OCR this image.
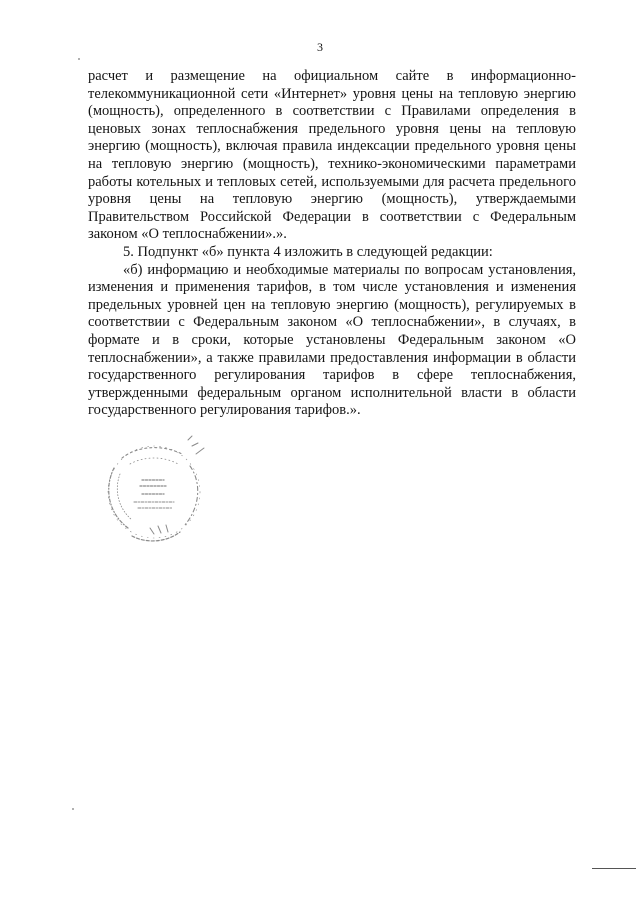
3

расчет и размещение на официальном сайте в информационно-телекоммуникационной сети «Интернет» уровня цены на тепловую энергию (мощность), определенного в соответствии с Правилами определения в ценовых зонах теплоснабжения предельного уровня цены на тепловую энергию (мощность), включая правила индексации предельного уровня цены на тепловую энергию (мощность), технико-экономическими параметрами работы котельных и тепловых сетей, используемыми для расчета предельного уровня цены на тепловую энергию (мощность), утверждаемыми Правительством Российской Федерации в соответствии с Федеральным законом «О теплоснабжении».».

5. Подпункт «б» пункта 4 изложить в следующей редакции:

«б) информацию и необходимые материалы по вопросам установления, изменения и применения тарифов, в том числе установления и изменения предельных уровней цен на тепловую энергию (мощность), регулируемых в соответствии с Федеральным законом «О теплоснабжении», в случаях, в формате и в сроки, которые установлены Федеральным законом «О теплоснабжении», а также правилами предоставления информации в области государственного регулирования тарифов в сфере теплоснабжения, утвержденными федеральным органом исполнительной власти в области государственного регулирования тарифов.».
